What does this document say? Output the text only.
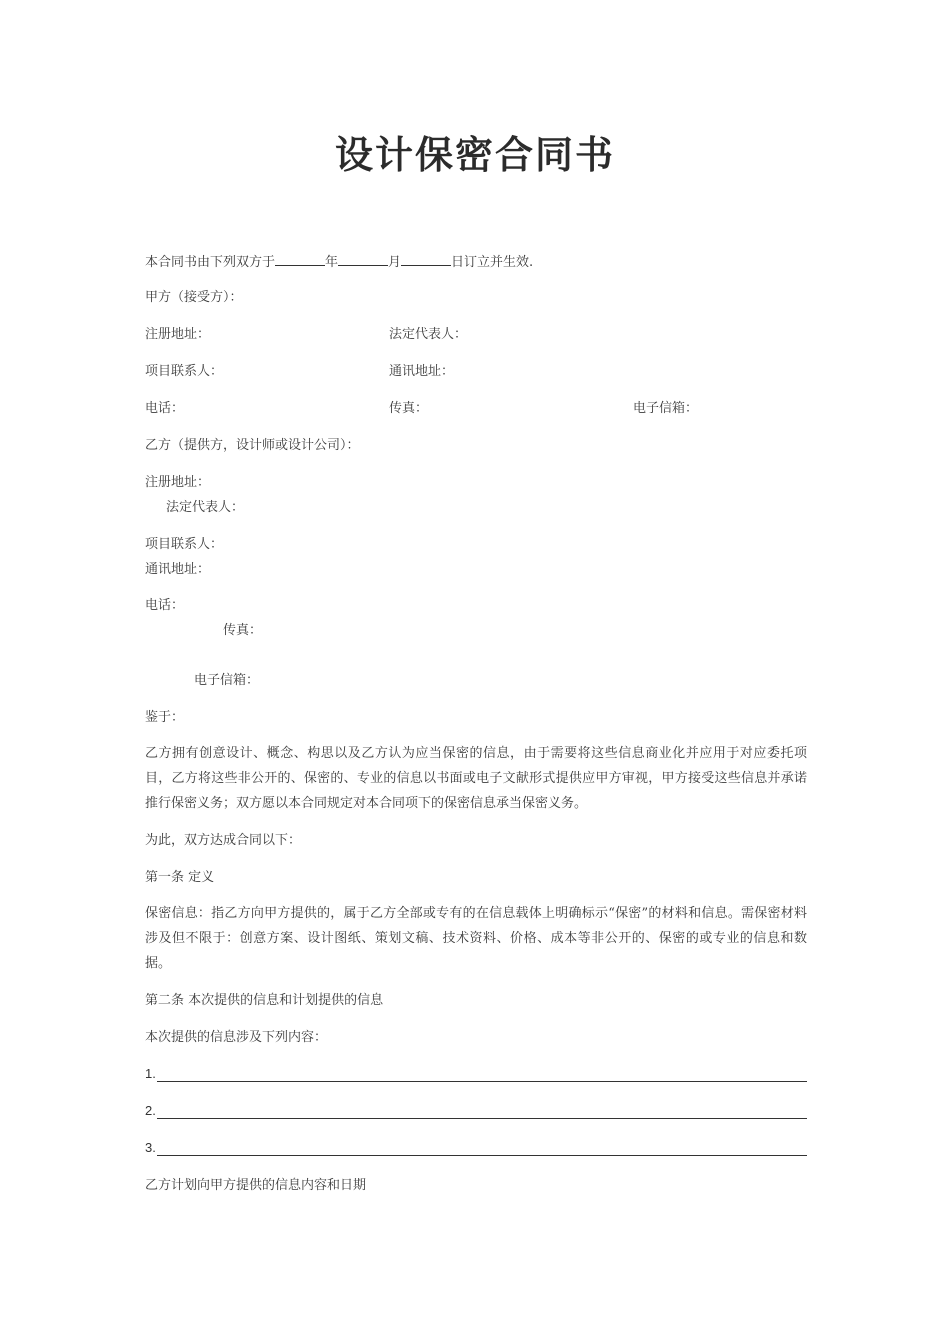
设计保密合同书
本合同书由下列双方于	年	月	日订立并生效.
甲方（接受方）：
注册地址：	法定代表人：
项目联系人：	通讯地址：
电话：	传真：	电子信箱：
乙方（提供方，设计师或设计公司）：
注册地址：
法定代表人：
项目联系人：
通讯地址：
电话：
传真：
电子信箱：
鉴于：
乙方拥有创意设计、概念、构思以及乙方认为应当保密的信息，由于需要将这些信息商业化并应用于对应委托项目，乙方将这些非公开的、保密的、专业的信息以书面或电子文献形式提供应甲方审视，甲方接受这些信息并承诺推行保密义务；双方愿以本合同规定对本合同项下的保密信息承当保密义务。
为此，双方达成合同以下：
第一条 定义
保密信息：指乙方向甲方提供的，属于乙方全部或专有的在信息载体上明确标示“保密”的材料和信息。需保密材料涉及但不限于：创意方案、设计图纸、策划文稿、技术资料、价格、成本等非公开的、保密的或专业的信息和数据。
第二条 本次提供的信息和计划提供的信息
本次提供的信息涉及下列内容：
1.
2.
3.
乙方计划向甲方提供的信息内容和日期
